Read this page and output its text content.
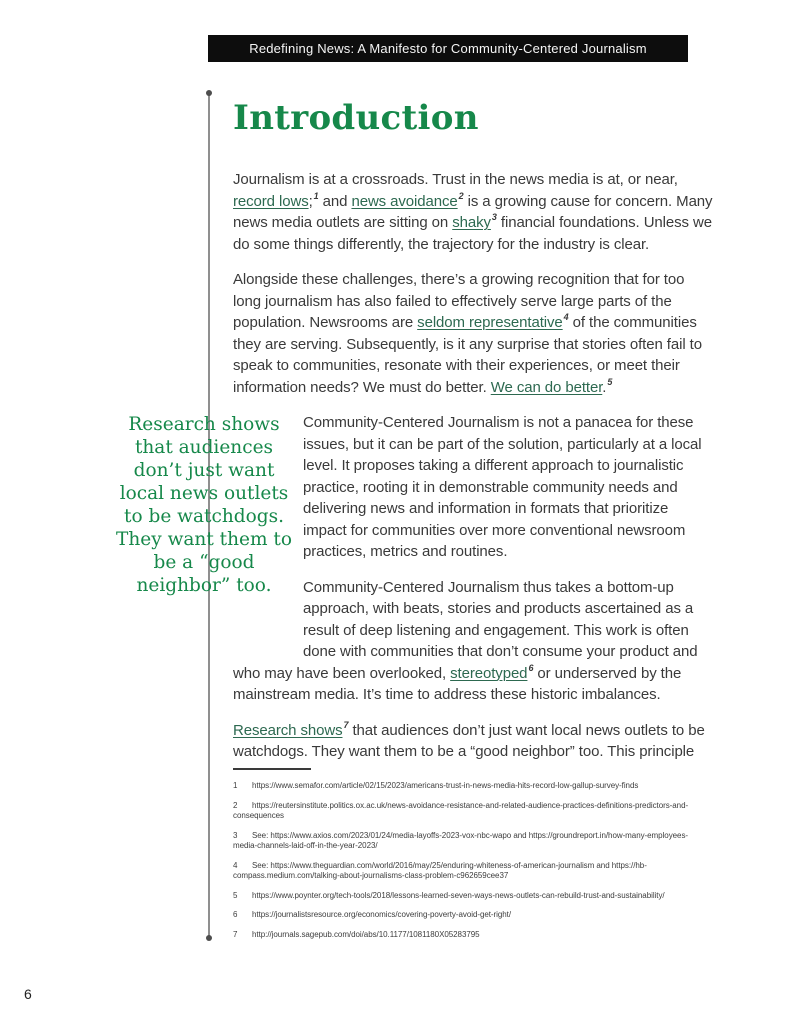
Redefining News: A Manifesto for Community-Centered Journalism
Introduction

Journalism is at a crossroads. Trust in the news media is at, or near, record lows;$^1$ and news avoidance$^2$ is a growing cause for concern. Many news media outlets are sitting on shaky$^3$ financial foundations. Unless we do some things differently, the trajectory for the industry is clear.

Alongside these challenges, there’s a growing recognition that for too long journalism has also failed to effectively serve large parts of the population. Newsrooms are seldom representative$^4$ of the communities they are serving. Subsequently, is it any surprise that stories often fail to speak to communities, resonate with their experiences, or meet their information needs? We must do better. We can do better.$^5$

Research shows that audiences don’t just want local news outlets to be watchdogs. They want them to be a “good neighbor” too.

Community-Centered Journalism is not a panacea for these issues, but it can be part of the solution, particularly at a local level. It proposes taking a different approach to journalistic practice, rooting it in demonstrable community needs and delivering news and information in formats that prioritize impact for communities over more conventional newsroom practices, metrics and routines.

Community-Centered Journalism thus takes a bottom-up approach, with beats, stories and products ascertained as a result of deep listening and engagement. This work is often done with communities that don’t consume your product and who may have been overlooked, stereotyped$^6$ or underserved by the mainstream media. It’s time to address these historic imbalances.

Research shows$^7$ that audiences don’t just want local news outlets to be watchdogs. They want them to be a “good neighbor” too. This principle

1 https://www.semafor.com/article/02/15/2023/americans-trust-in-news-media-hits-record-low-gallup-survey-finds
2 https://reutersinstitute.politics.ox.ac.uk/news-avoidance-resistance-and-related-audience-practices-definitions-predictors-and-consequences
3 See: https://www.axios.com/2023/01/24/media-layoffs-2023-vox-nbc-wapo and https://groundreport.in/how-many-employees-media-channels-laid-off-in-the-year-2023/
4 See: https://www.theguardian.com/world/2016/may/25/enduring-whiteness-of-american-journalism and https://hb-compass.medium.com/talking-about-journalisms-class-problem-c962659cee37
5 https://www.poynter.org/tech-tools/2018/lessons-learned-seven-ways-news-outlets-can-rebuild-trust-and-sustainability/
6 https://journalistsresource.org/economics/covering-poverty-avoid-get-right/
7 http://journals.sagepub.com/doi/abs/10.1177/1081180X05283795
6
